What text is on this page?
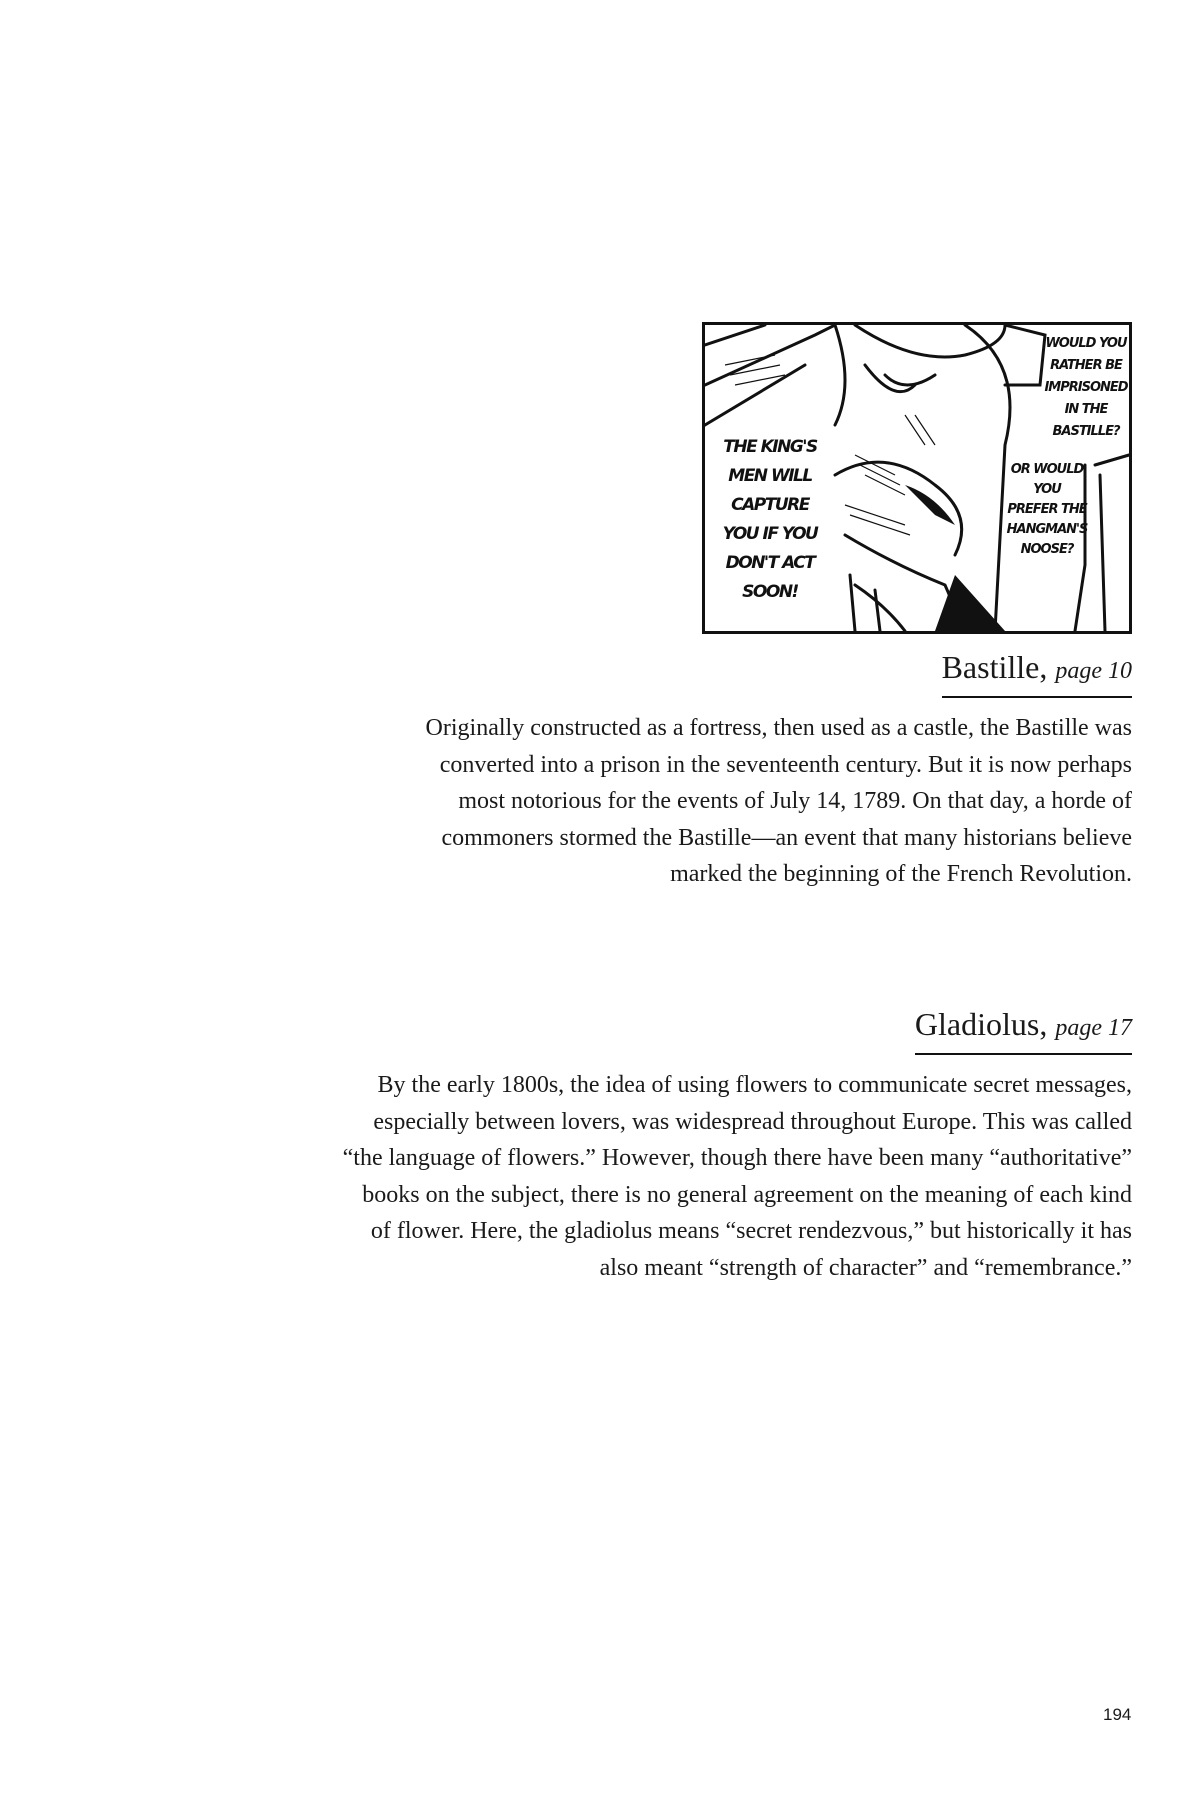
THE KING'S
MEN WILL
CAPTURE
YOU IF YOU
DON'T ACT
SOON!
WOULD YOU
RATHER BE
IMPRISONED
IN THE
BASTILLE?
OR WOULD
YOU
PREFER THE
HANGMAN'S
NOOSE?
Bastille, page 10
Originally constructed as a fortress, then used as a castle, the Bastille was
converted into a prison in the seventeenth century. But it is now perhaps
most notorious for the events of July 14, 1789. On that day, a horde of
commoners stormed the Bastille—an event that many historians believe
marked the beginning of the French Revolution.
Gladiolus, page 17
By the early 1800s, the idea of using flowers to communicate secret messages,
especially between lovers, was widespread throughout Europe. This was called
“the language of flowers.” However, though there have been many “authoritative”
books on the subject, there is no general agreement on the meaning of each kind
of flower. Here, the gladiolus means “secret rendezvous,” but historically it has
also meant “strength of character” and “remembrance.”
194
